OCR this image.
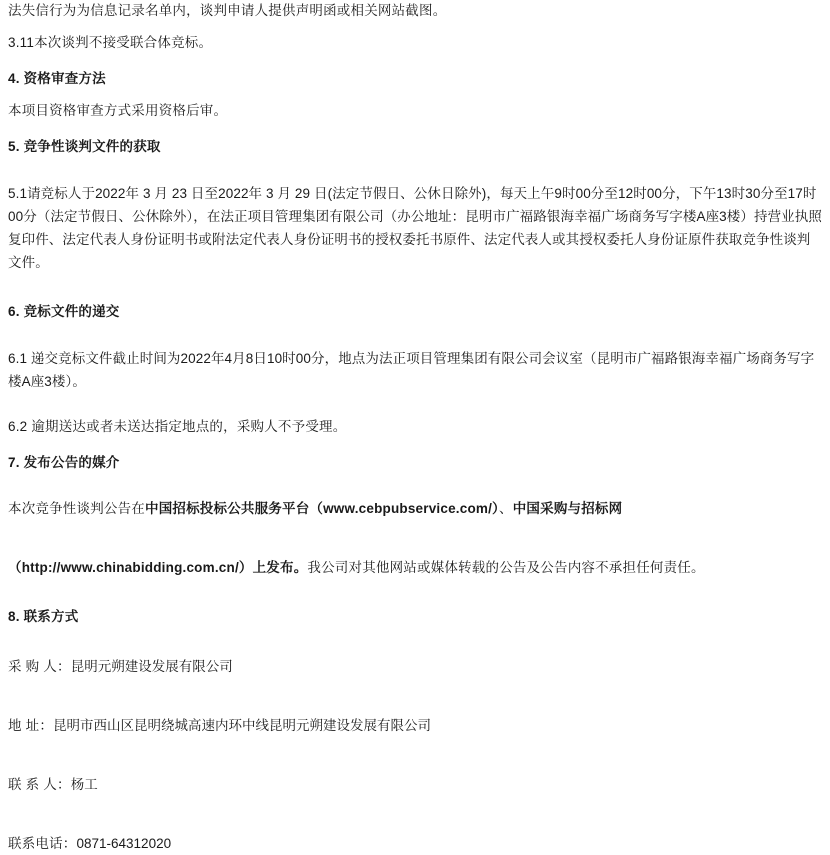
法失信行为为信息记录名单内，谈判申请人提供声明函或相关网站截图。

3.11本次谈判不接受联合体竞标。

4. 资格审查方法

本项目资格审查方式采用资格后审。

5. 竞争性谈判文件的获取

5.1请竞标人于2022年 3 月 23 日至2022年 3 月 29 日(法定节假日、公休日除外)，每天上午9时00分至12时00分，下午13时30分至17时00分（法定节假日、公休除外），在法正项目管理集团有限公司（办公地址：昆明市广福路银海幸福广场商务写字楼A座3楼）持营业执照复印件、法定代表人身份证明书或附法定代表人身份证明书的授权委托书原件、法定代表人或其授权委托人身份证原件获取竞争性谈判文件。

6. 竞标文件的递交

6.1 递交竞标文件截止时间为2022年4月8日10时00分，地点为法正项目管理集团有限公司会议室（昆明市广福路银海幸福广场商务写字楼A座3楼）。

6.2 逾期送达或者未送达指定地点的，采购人不予受理。

7. 发布公告的媒介

本次竞争性谈判公告在中国招标投标公共服务平台（www.cebpubservice.com/）、中国采购与招标网

（http://www.chinabidding.com.cn/）上发布。我公司对其他网站或媒体转载的公告及公告内容不承担任何责任。

8. 联系方式

采 购 人：昆明元朔建设发展有限公司

地 址：昆明市西山区昆明绕城高速内环中线昆明元朔建设发展有限公司

联 系 人：杨工

联系电话：0871-64312020
